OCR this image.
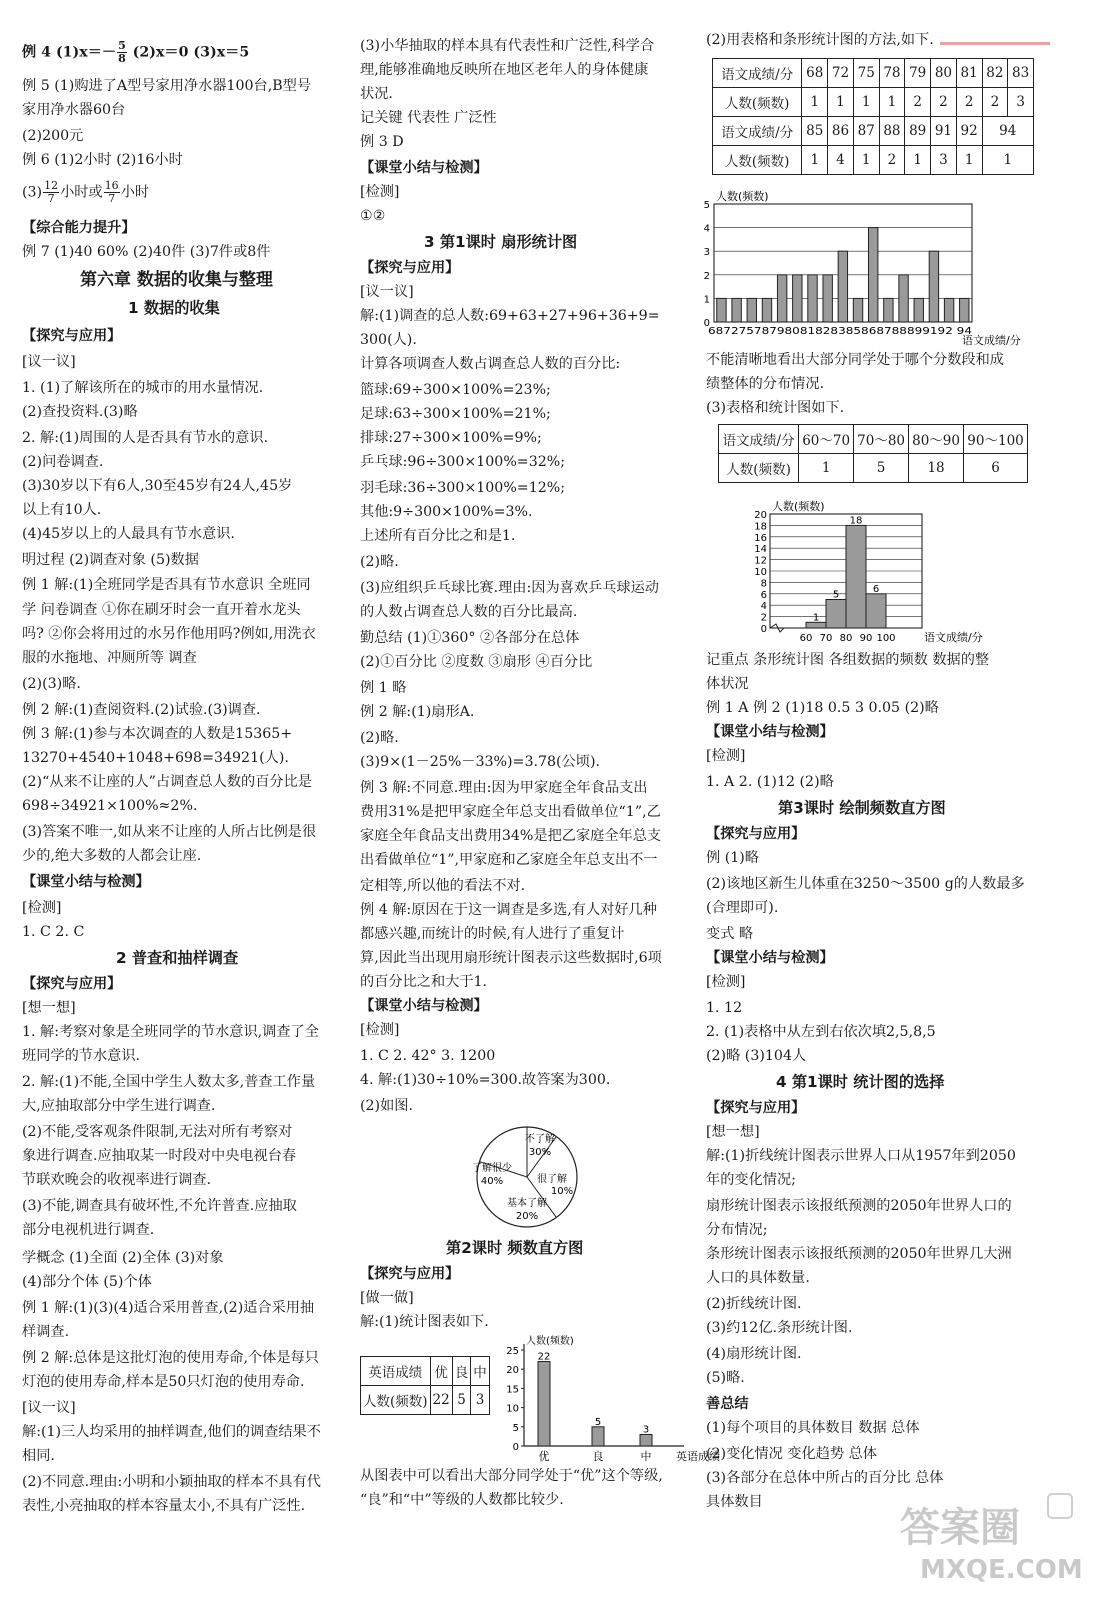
例 4 $(1)x=- \frac{5}{8} (2)x=0$ (3)x＝5
例 5 (1)购进了A型号家用净水器100台,B型号
家用净水器60台
(2)200元
例 6 (1)2小时 (2)16小时
$(3) \frac{12}{7}$ 小时或 $\frac{16}{7}$ 小时
【综合能力提升】
例 7 (1)40 60% (2)40件 (3)7件或8件
第六章 数据的收集与整理
1 数据的收集
【探究与应用】
[议一议]
1. (1)了解该所在的城市的用水量情况.
(2)查投资料.(3)略
2. 解:(1)周围的人是否具有节水的意识.
(2)问卷调查.
(3)30岁以下有6人,30至45岁有24人,45岁
以上有10人.
(4)45岁以上的人最具有节水意识.
明过程 (2)调查对象 (5)数据
例 1 解:(1)全班同学是否具有节水意识 全班同
学 问卷调查 ①你在刷牙时会一直开着水龙头
吗? ②你会将用过的水另作他用吗?例如,用洗衣
服的水拖地、冲厕所等 调查
(2)(3)略.
例 2 解:(1)查阅资料.(2)试验.(3)调查.
例 3 解:(1)参与本次调查的人数是15365+
13270+4540+1048+698=34921(人).
(2)“从来不让座的人”占调查总人数的百分比是
698÷34921×100%≈2%.
(3)答案不唯一,如从来不让座的人所占比例是很
少的,绝大多数的人都会让座.
【课堂小结与检测】
[检测]
1. C 2. C
2 普查和抽样调查
【探究与应用】
[想一想]
1. 解:考察对象是全班同学的节水意识,调查了全
班同学的节水意识.
2. 解:(1)不能,全国中学生人数太多,普查工作量
大,应抽取部分中学生进行调查.
(2)不能,受客观条件限制,无法对所有考察对
象进行调查.应抽取某一时段对中央电视台春
节联欢晚会的收视率进行调查.
(3)不能,调查具有破坏性,不允许普查.应抽取
部分电视机进行调查.
学概念 (1)全面 (2)全体 (3)对象
(4)部分个体 (5)个体
例 1 解:(1)(3)(4)适合采用普查,(2)适合采用抽
样调查.
例 2 解:总体是这批灯泡的使用寿命,个体是每只
灯泡的使用寿命,样本是50只灯泡的使用寿命.
[议一议]
解:(1)三人均采用的抽样调查,他们的调查结果不
相同.
(2)不同意.理由:小明和小颖抽取的样本不具有代
表性,小亮抽取的样本容量太小,不具有广泛性.
(3)小华抽取的样本具有代表性和广泛性,科学合
理,能够准确地反映所在地区老年人的身体健康
状况.
记关键 代表性 广泛性
例 3 D
【课堂小结与检测】
[检测]
①②
3 第1课时 扇形统计图
【探究与应用】
[议一议]
解:(1)调查的总人数:69+63+27+96+36+9=
300(人).
计算各项调查人数占调查总人数的百分比:
篮球:69÷300×100%=23%;
足球:63÷300×100%=21%;
排球:27÷300×100%=9%;
乒乓球:96÷300×100%=32%;
羽毛球:36÷300×100%=12%;
其他:9÷300×100%=3%.
上述所有百分比之和是1.
(2)略.
(3)应组织乒乓球比赛.理由:因为喜欢乒乓球运动
的人数占调查总人数的百分比最高.
勤总结 (1)①360° ②各部分在总体
(2)①百分比 ②度数 ③扇形 ④百分比
例 1 略
例 2 解:(1)扇形A.
(2)略.
(3)9×(1－25%－33%)=3.78(公顷).
例 3 解:不同意.理由:因为甲家庭全年食品支出
费用31%是把甲家庭全年总支出看做单位“1”,乙
家庭全年食品支出费用34%是把乙家庭全年总支
出看做单位“1”,甲家庭和乙家庭全年总支出不一
定相等,所以他的看法不对.
例 4 解:原因在于这一调查是多选,有人对好几种
都感兴趣,而统计的时候,有人进行了重复计
算,因此当出现用扇形统计图表示这些数据时,6项
的百分比之和大于1.
【课堂小结与检测】
[检测]
1. C 2. 42° 3. 1200
4. 解:(1)30÷10%=300.故答案为300.
(2)如图.
不了解
30%
了解很少
40%
基本了解
20%
很了解
10%
第2课时 频数直方图
【探究与应用】
[做一做]
解:(1)统计图表如下.
英语成绩	优	良	中
人数(频数)	22	5	3
0
5
10
15
20
25
人数(频数)
22
优
5
良
3
中 英语成绩
从图表中可以看出大部分同学处于“优”这个等级,
“良”和“中”等级的人数都比较少.
(2)用表格和条形统计图的方法,如下.
语文成绩/分	68	72	75	78	79	80	81	82	83
人数(频数)	1	1	1	1	2	2	2	2	3
语文成绩/分	85	86	87	88	89	91	92	94	
人数(频数)	1	4	1	2	1	3	1	1	
0
1
2
3
4
5
人数(频数)
68727578798081828385868788899192 94
语文成绩/分
不能清晰地看出大部分同学处于哪个分数段和成
绩整体的分布情况.
(3)表格和统计图如下.
语文成绩/分	60～70	70～80	80～90	90～100
人数(频数)	1	5	18	6
0
2
4
6
8
10
12
14
16
18
20
人数(频数)
1
5
18
6
60 70 80 90 100	语文成绩/分
记重点 条形统计图 各组数据的频数 数据的整
体状况
例 1 A 例 2 (1)18 0.5 3 0.05 (2)略
【课堂小结与检测】
[检测]
1. A 2. (1)12 (2)略
第3课时 绘制频数直方图
【探究与应用】
例 (1)略
(2)该地区新生儿体重在3250～3500 g的人数最多
(合理即可).
变式 略
【课堂小结与检测】
[检测]
1. 12
2. (1)表格中从左到右依次填2,5,8,5
(2)略 (3)104人
4 第1课时 统计图的选择
【探究与应用】
[想一想]
解:(1)折线统计图表示世界人口从1957年到2050
年的变化情况;
扇形统计图表示该报纸预测的2050年世界人口的
分布情况;
条形统计图表示该报纸预测的2050年世界几大洲
人口的具体数量.
(2)折线统计图.
(3)约12亿.条形统计图.
(4)扇形统计图.
(5)略.
善总结
(1)每个项目的具体数目 数据 总体
(2)变化情况 变化趋势 总体
(3)各部分在总体中所占的百分比 总体
具体数目
答案圈
MXQE.COM
